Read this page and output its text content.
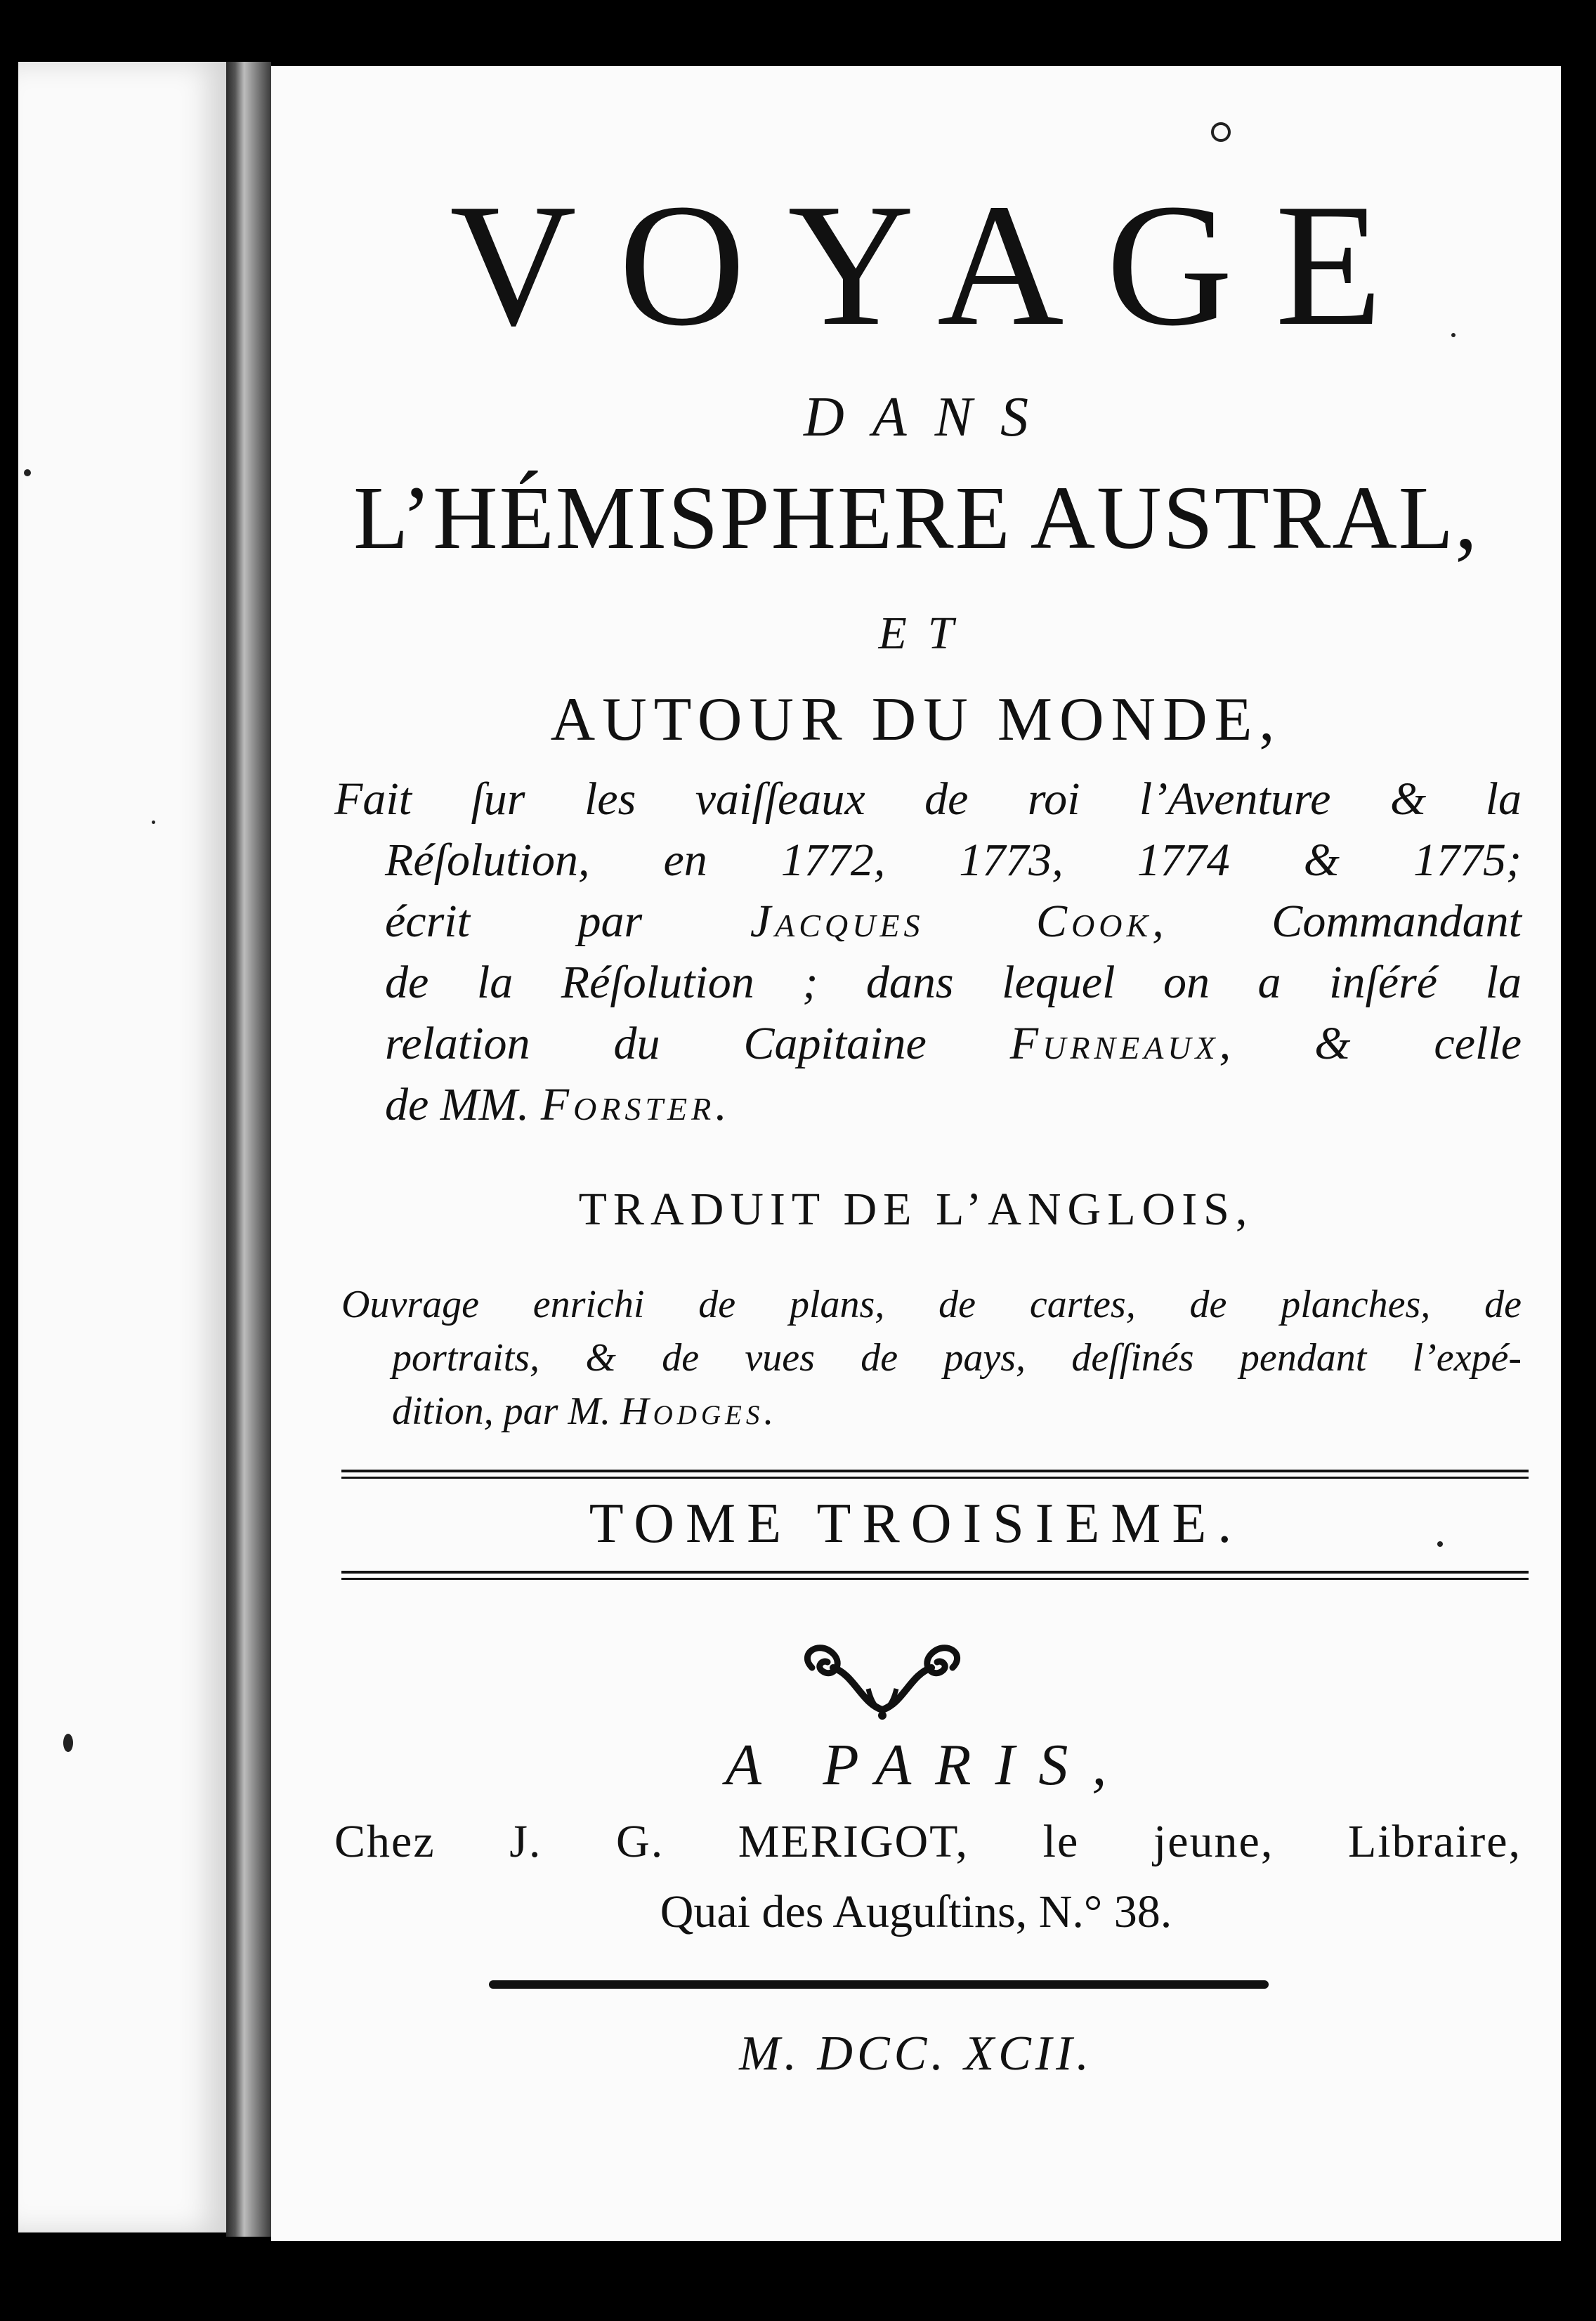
VOYAGE
DANS
L’HÉMISPHERE AUSTRAL,
ET
AUTOUR DU MONDE,

Fait ſur les vaiſſeaux de roi l’Aventure & la

Réſolution, en 1772, 1773, 1774 & 1775;

écrit par Jacques Cook, Commandant

de la Réſolution ; dans lequel on a inſéré la

relation du Capitaine Furneaux, & celle

de MM. Forster.

TRADUIT DE L’ANGLOIS,

Ouvrage enrichi de plans, de cartes, de planches, de

portraits, & de vues de pays, deſſinés pendant l’expé-

dition, par M. Hodges.

TOME TROISIEME.
A PARIS,
Chez J. G. MERIGOT, le jeune, Libraire,
Quai des Auguſtins, N.° 38.
M. DCC. XCII.
